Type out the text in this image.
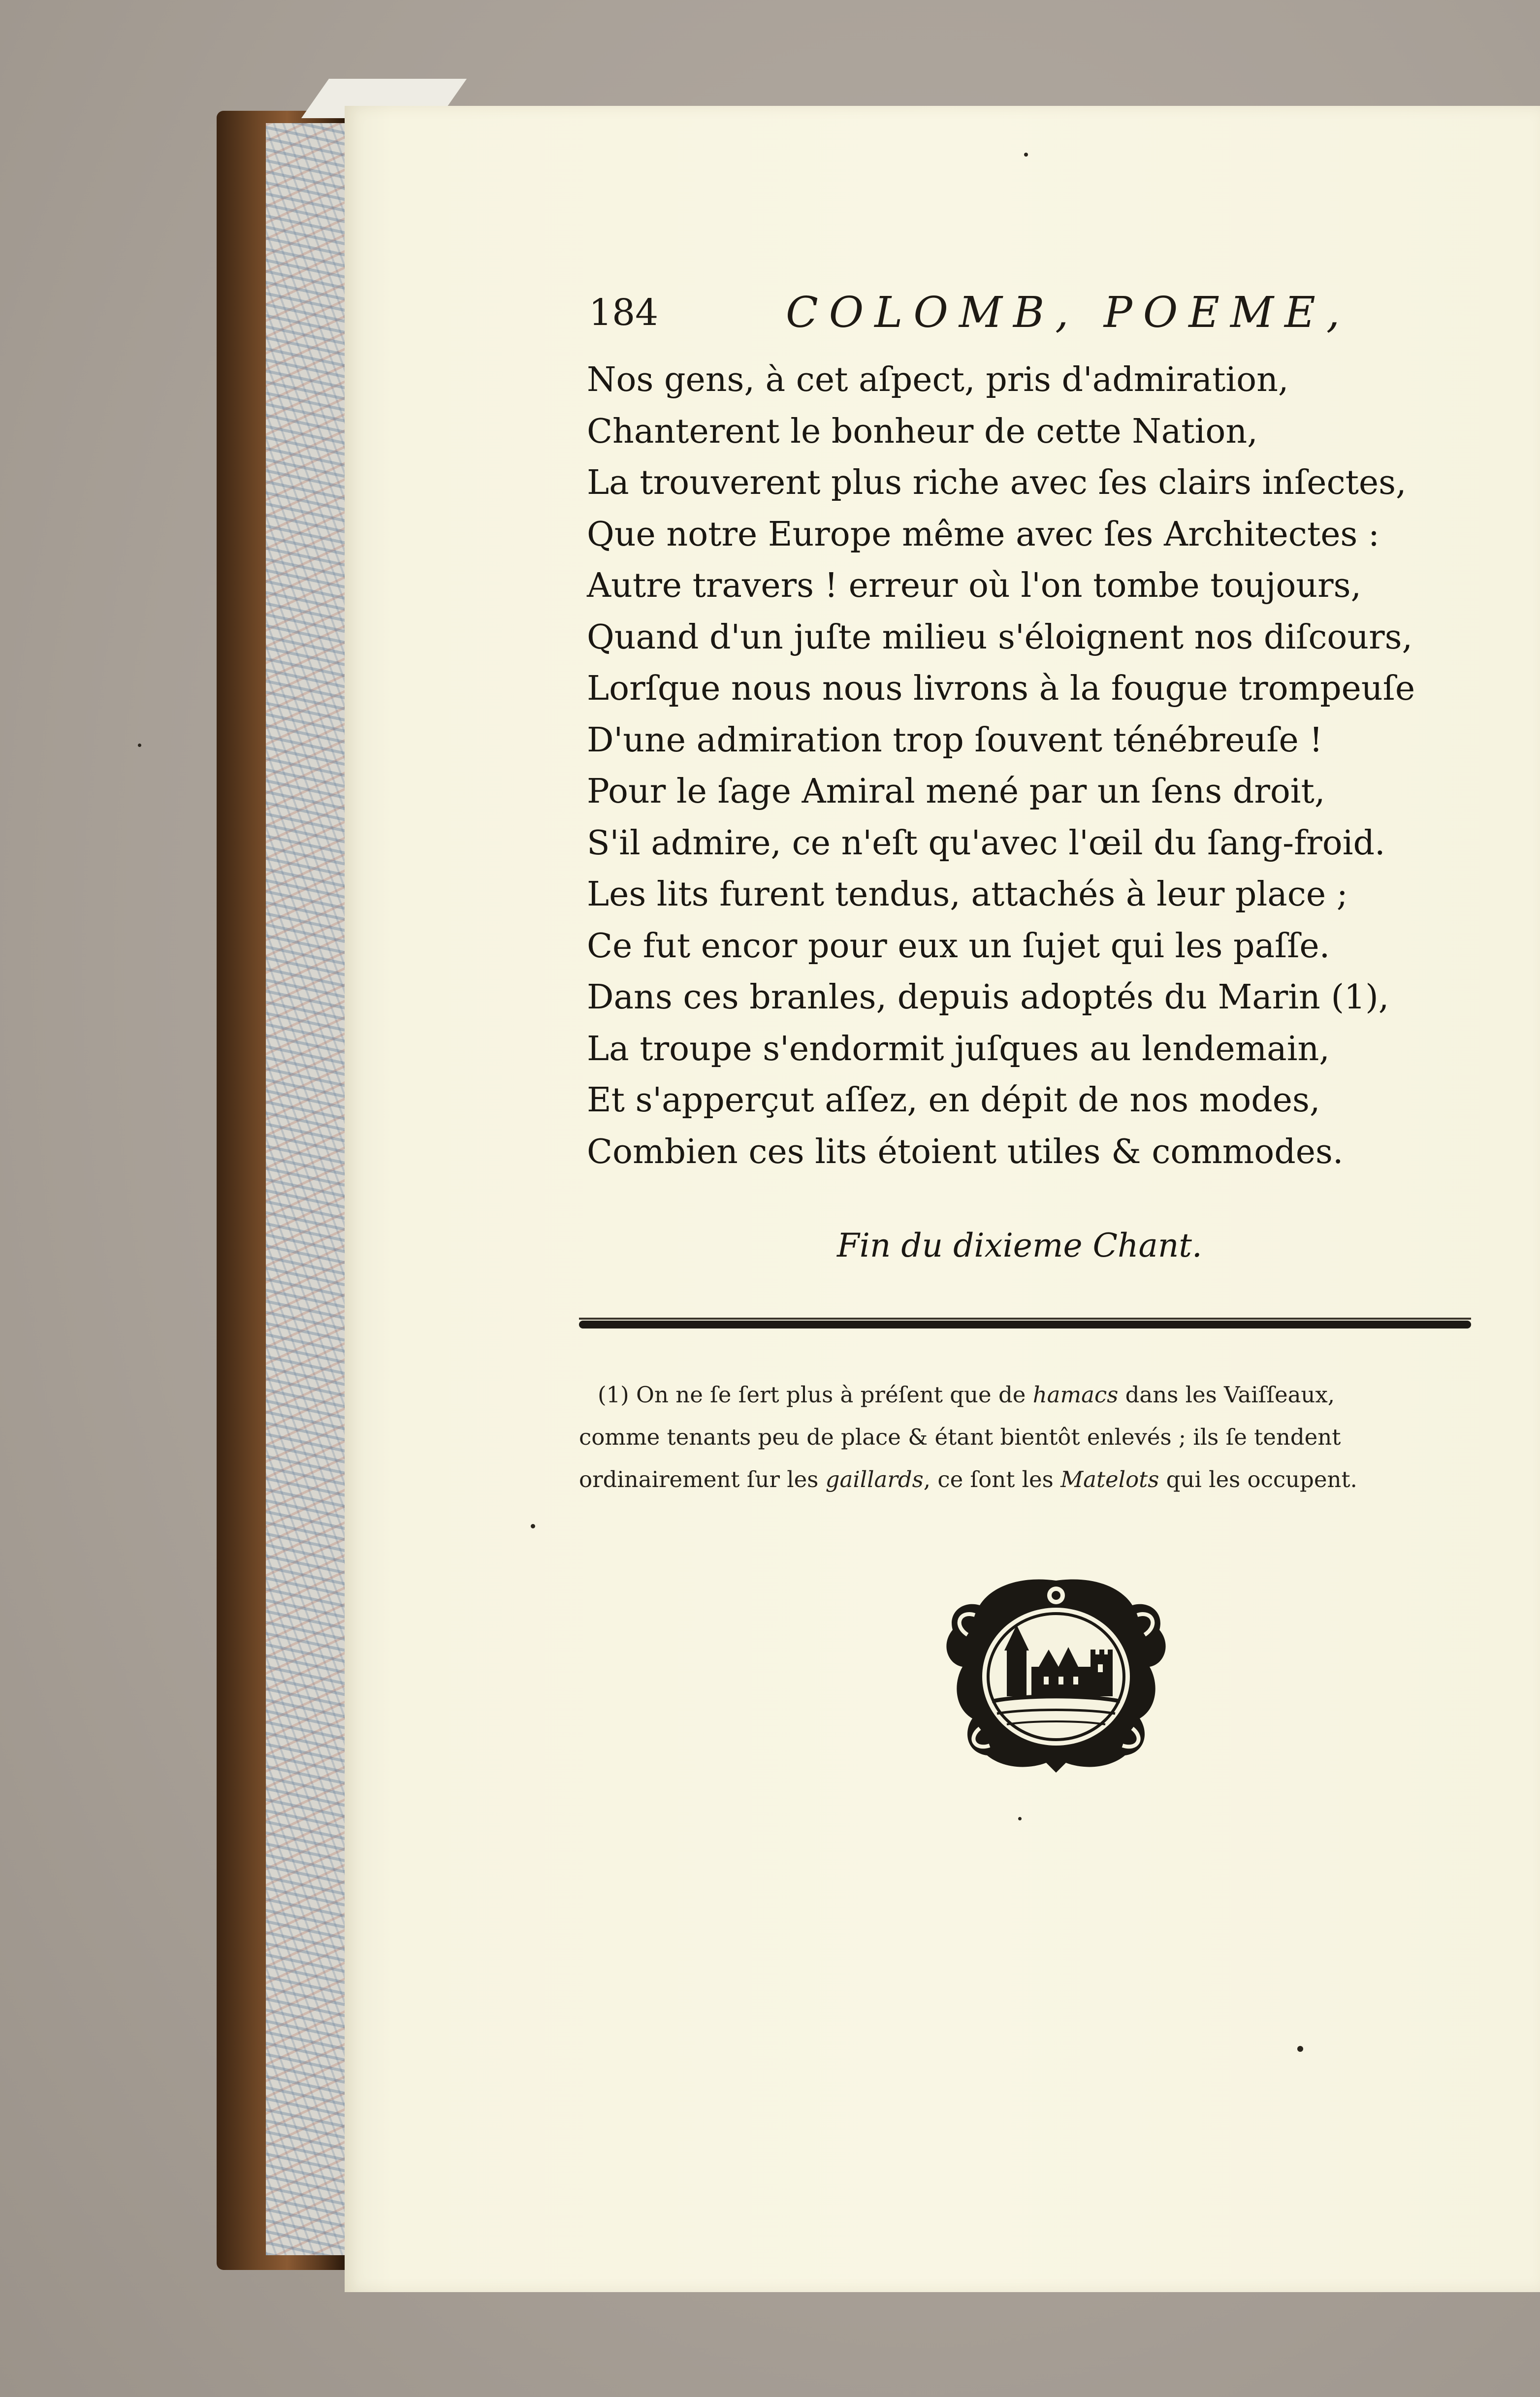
184	COLOMB, POEME,
Nos gens, à cet aſpect, pris d'admiration,
Chanterent le bonheur de cette Nation,
La trouverent plus riche avec ſes clairs inſectes,
Que notre Europe même avec ſes Architectes :
Autre travers ! erreur où l'on tombe toujours,
Quand d'un juſte milieu s'éloignent nos diſcours,
Lorſque nous nous livrons à la fougue trompeuſe
D'une admiration trop ſouvent ténébreuſe !
Pour le ſage Amiral mené par un ſens droit,
S'il admire, ce n'eſt qu'avec l'œil du ſang-froid.
Les lits furent tendus, attachés à leur place ;
Ce fut encor pour eux un ſujet qui les paſſe.
Dans ces branles, depuis adoptés du Marin (1),
La troupe s'endormit juſques au lendemain,
Et s'apperçut aſſez, en dépit de nos modes,
Combien ces lits étoient utiles & commodes.
Fin du dixieme Chant.
(1) On ne ſe ſert plus à préſent que de hamacs dans les Vaiſſeaux,
comme tenants peu de place & étant bientôt enlevés ; ils ſe tendent
ordinairement ſur les gaillards, ce ſont les Matelots qui les occupent.
